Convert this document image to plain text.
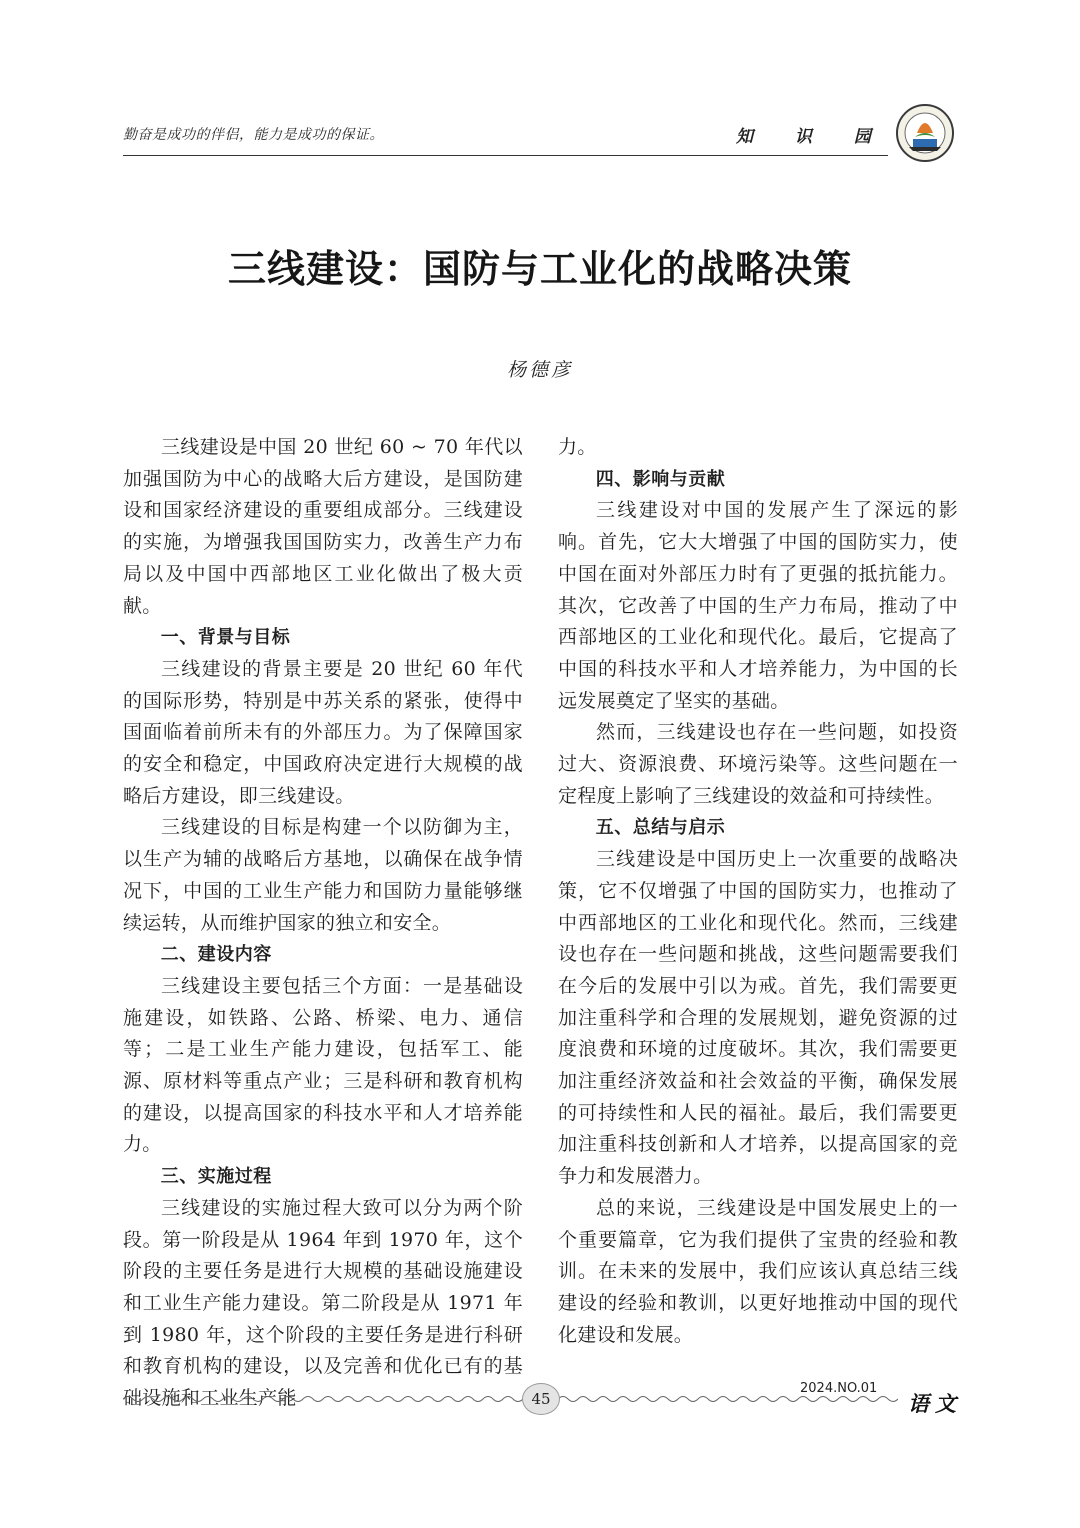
勤奋是成功的伴侣，能力是成功的保证。	知 识 园
三线建设：国防与工业化的战略决策
杨德彦

三线建设是中国 20 世纪 60 ~ 70 年代以加强国防为中心的战略大后方建设，是国防建设和国家经济建设的重要组成部分。三线建设的实施，为增强我国国防实力，改善生产力布局以及中国中西部地区工业化做出了极大贡献。

一、背景与目标

三线建设的背景主要是 20 世纪 60 年代的国际形势，特别是中苏关系的紧张，使得中国面临着前所未有的外部压力。为了保障国家的安全和稳定，中国政府决定进行大规模的战略后方建设，即三线建设。

三线建设的目标是构建一个以防御为主，以生产为辅的战略后方基地，以确保在战争情况下，中国的工业生产能力和国防力量能够继续运转，从而维护国家的独立和安全。

二、建设内容

三线建设主要包括三个方面：一是基础设施建设，如铁路、公路、桥梁、电力、通信等；二是工业生产能力建设，包括军工、能源、原材料等重点产业；三是科研和教育机构的建设，以提高国家的科技水平和人才培养能力。

三、实施过程

三线建设的实施过程大致可以分为两个阶段。第一阶段是从 1964 年到 1970 年，这个阶段的主要任务是进行大规模的基础设施建设和工业生产能力建设。第二阶段是从 1971 年到 1980 年，这个阶段的主要任务是进行科研和教育机构的建设，以及完善和优化已有的基础设施和工业生产能

力。

四、影响与贡献

三线建设对中国的发展产生了深远的影响。首先，它大大增强了中国的国防实力，使中国在面对外部压力时有了更强的抵抗能力。其次，它改善了中国的生产力布局，推动了中西部地区的工业化和现代化。最后，它提高了中国的科技水平和人才培养能力，为中国的长远发展奠定了坚实的基础。

然而，三线建设也存在一些问题，如投资过大、资源浪费、环境污染等。这些问题在一定程度上影响了三线建设的效益和可持续性。

五、总结与启示

三线建设是中国历史上一次重要的战略决策，它不仅增强了中国的国防实力，也推动了中西部地区的工业化和现代化。然而，三线建设也存在一些问题和挑战，这些问题需要我们在今后的发展中引以为戒。首先，我们需要更加注重科学和合理的发展规划，避免资源的过度浪费和环境的过度破坏。其次，我们需要更加注重经济效益和社会效益的平衡，确保发展的可持续性和人民的福祉。最后，我们需要更加注重科技创新和人才培养，以提高国家的竞争力和发展潜力。

总的来说，三线建设是中国发展史上的一个重要篇章，它为我们提供了宝贵的经验和教训。在未来的发展中，我们应该认真总结三线建设的经验和教训，以更好地推动中国的现代化建设和发展。

45
2024.NO.01
语文
